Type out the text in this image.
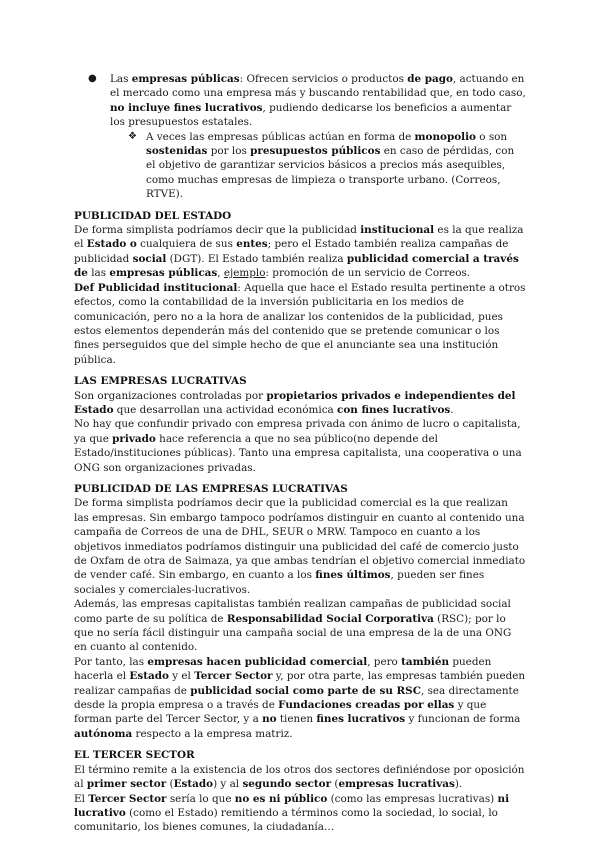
● Las empresas públicas: Ofrecen servicios o productos de pago, actuando en el mercado como una empresa más y buscando rentabilidad que, en todo caso, no incluye fines lucrativos, pudiendo dedicarse los beneficios a aumentar los presupuestos estatales.

❖ A veces las empresas públicas actúan en forma de monopolio o son sostenidas por los presupuestos públicos en caso de pérdidas, con el objetivo de garantizar servicios básicos a precios más asequibles, como muchas empresas de limpieza o transporte urbano. (Correos, RTVE).

PUBLICIDAD DEL ESTADO

De forma simplista podríamos decir que la publicidad institucional es la que realiza el Estado o cualquiera de sus entes; pero el Estado también realiza campañas de publicidad social (DGT). El Estado también realiza publicidad comercial a través de las empresas públicas, ejemplo: promoción de un servicio de Correos.

Def Publicidad institucional: Aquella que hace el Estado resulta pertinente a otros efectos, como la contabilidad de la inversión publicitaria en los medios de comunicación, pero no a la hora de analizar los contenidos de la publicidad, pues estos elementos dependerán más del contenido que se pretende comunicar o los fines perseguidos que del simple hecho de que el anunciante sea una institución pública.

LAS EMPRESAS LUCRATIVAS

Son organizaciones controladas por propietarios privados e independientes del Estado que desarrollan una actividad económica con fines lucrativos.

No hay que confundir privado con empresa privada con ánimo de lucro o capitalista, ya que privado hace referencia a que no sea público(no depende del Estado/instituciones públicas). Tanto una empresa capitalista, una cooperativa o una ONG son organizaciones privadas.

PUBLICIDAD DE LAS EMPRESAS LUCRATIVAS

De forma simplista podríamos decir que la publicidad comercial es la que realizan las empresas. Sin embargo tampoco podríamos distinguir en cuanto al contenido una campaña de Correos de una de DHL, SEUR o MRW. Tampoco en cuanto a los objetivos inmediatos podríamos distinguir una publicidad del café de comercio justo de Oxfam de otra de Saimaza, ya que ambas tendrían el objetivo comercial inmediato de vender café. Sin embargo, en cuanto a los fines últimos, pueden ser fines sociales y comerciales-lucrativos.

Además, las empresas capitalistas también realizan campañas de publicidad social como parte de su política de Responsabilidad Social Corporativa (RSC); por lo que no sería fácil distinguir una campaña social de una empresa de la de una ONG en cuanto al contenido.

Por tanto, las empresas hacen publicidad comercial, pero también pueden hacerla el Estado y el Tercer Sector y, por otra parte, las empresas también pueden realizar campañas de publicidad social como parte de su RSC, sea directamente desde la propia empresa o a través de Fundaciones creadas por ellas y que forman parte del Tercer Sector, y a no tienen fines lucrativos y funcionan de forma autónoma respecto a la empresa matriz.

EL TERCER SECTOR

El término remite a la existencia de los otros dos sectores definiéndose por oposición al primer sector (Estado) y al segundo sector (empresas lucrativas).

El Tercer Sector sería lo que no es ni público (como las empresas lucrativas) ni lucrativo (como el Estado) remitiendo a términos como la sociedad, lo social, lo comunitario, los bienes comunes, la ciudadanía…
